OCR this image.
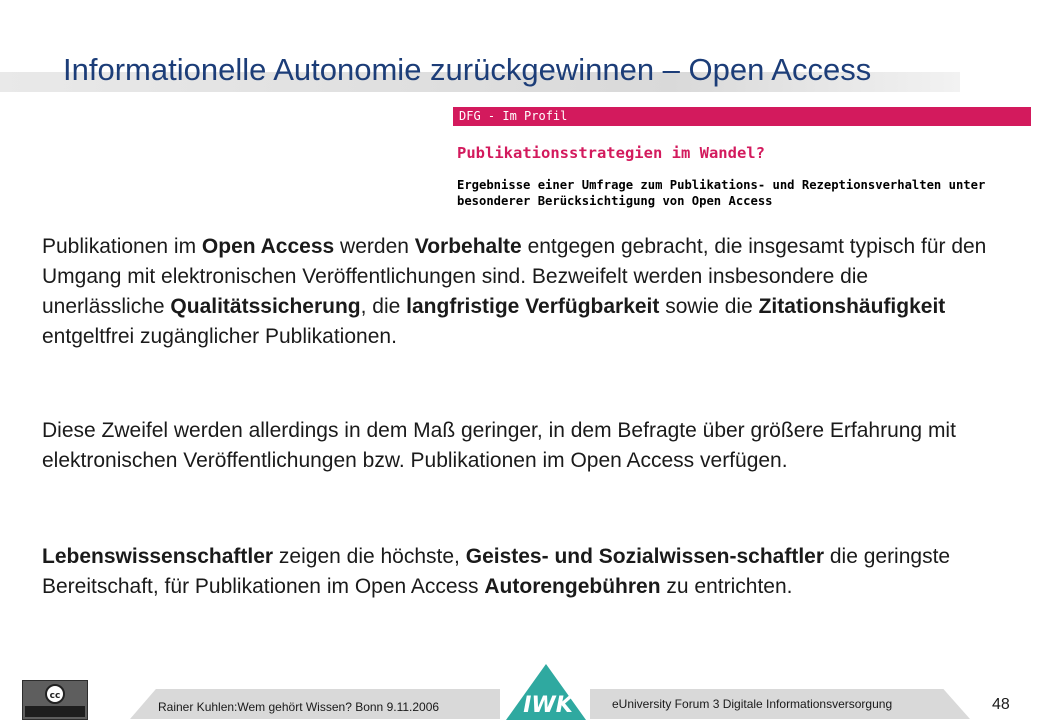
Informationelle Autonomie zurückgewinnen – Open Access
DFG - Im Profil
Publikationsstrategien im Wandel?
Ergebnisse einer Umfrage zum Publikations- und Rezeptionsverhalten unter
besonderer Berücksichtigung von Open Access
Publikationen im Open Access werden Vorbehalte entgegen gebracht, die insgesamt typisch für den Umgang mit elektronischen Veröffentlichungen sind. Bezweifelt werden insbesondere die unerlässliche Qualitätssicherung, die langfristige Verfügbarkeit sowie die Zitationshäufigkeit entgeltfrei zugänglicher Publikationen.
Diese Zweifel werden allerdings in dem Maß geringer, in dem Befragte über größere Erfahrung mit elektronischen Veröffentlichungen bzw. Publikationen im Open Access verfügen.
Lebenswissenschaftler zeigen die höchste, Geistes- und Sozialwissen-schaftler die geringste Bereitschaft, für Publikationen im Open Access Autorengebühren zu entrichten.
cc
Rainer Kuhlen:Wem gehört Wissen? Bonn 9.11.2006	IWK	eUniversity Forum 3 Digitale Informationsversorgung	48
